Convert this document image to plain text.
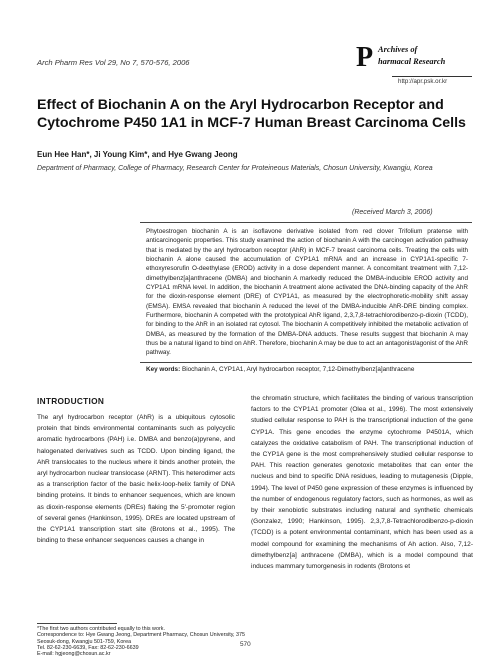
Arch Pharm Res Vol 29, No 7, 570-576, 2006	P Archives of
harmacal Research
http://apr.psk.or.kr
Effect of Biochanin A on the Aryl Hydrocarbon Receptor and Cytochrome P450 1A1 in MCF-7 Human Breast Carcinoma Cells
Eun Hee Han*, Ji Young Kim*, and Hye Gwang Jeong
Department of Pharmacy, College of Pharmacy, Research Center for Proteineous Materials, Chosun University, Kwangju, Korea
(Received March 3, 2006)
Phytoestrogen biochanin A is an isoflavone derivative isolated from red clover Trifolium pratense with anticarcinogenic properties. This study examined the action of biochanin A with the carcinogen activation pathway that is mediated by the aryl hydrocarbon receptor (AhR) in MCF-7 breast carcinoma cells. Treating the cells with biochanin A alone caused the accumulation of CYP1A1 mRNA and an increase in CYP1A1-specific 7-ethoxyresorufin O-deethylase (EROD) activity in a dose dependent manner. A concomitant treatment with 7,12-dimethylbenz[a]anthracene (DMBA) and biochanin A markedly reduced the DMBA-inducible EROD activity and CYP1A1 mRNA level. In addition, the biochanin A treatment alone activated the DNA-binding capacity of the AhR for the dioxin-response element (DRE) of CYP1A1, as measured by the electrophoretic-mobility shift assay (EMSA). EMSA revealed that biochanin A reduced the level of the DMBA-inducible AhR-DRE binding complex. Furthermore, biochanin A competed with the prototypical AhR ligand, 2,3,7,8-tetrachlorodibenzo-p-dioxin (TCDD), for binding to the AhR in an isolated rat cytosol. The biochanin A competitively inhibited the metabolic activation of DMBA, as measured by the formation of the DMBA-DNA adducts. These results suggest that biochanin A may thus be a natural ligand to bind on AhR. Therefore, biochanin A may be due to act an antagonist/agonist of the AhR pathway.
Key words: Biochanin A, CYP1A1, Aryl hydrocarbon receptor, 7,12-Dimethylbenz[a]anthracene
INTRODUCTION
The aryl hydrocarbon receptor (AhR) is a ubiquitous cytosolic protein that binds environmental contaminants such as polycyclic aromatic hydrocarbons (PAH) i.e. DMBA and benzo(a)pyrene, and halogenated derivatives such as TCDD. Upon binding ligand, the AhR translocates to the nucleus where it binds another protein, the aryl hydrocarbon nuclear translocase (ARNT). This heterodimer acts as a transcription factor of the basic helix-loop-helix family of DNA binding proteins. It binds to enhancer sequences, which are known as dioxin-response elements (DREs) flaking the 5'-promoter region of several genes (Hankinson, 1995). DREs are located upstream of the CYP1A1 transcription start site (Brotons et al., 1995). The binding to these enhancer sequences causes a change in
the chromatin structure, which facilitates the binding of various transcription factors to the CYP1A1 promoter (Olea et al., 1996). The most extensively studied cellular response to PAH is the transcriptional induction of the gene CYP1A. This gene encodes the enzyme cytochrome P4501A, which catalyzes the oxidative catabolism of PAH. The transcriptional induction of the CYP1A gene is the most comprehensively studied cellular response to PAH. This reaction generates genotoxic metabolites that can enter the nucleus and bind to specific DNA residues, leading to mutagenesis (Dipple, 1994). The level of P450 gene expression of these enzymes is influenced by the number of endogenous regulatory factors, such as hormones, as well as by their xenobiotic substrates including natural and synthetic chemicals (Gonzalez, 1990; Hankinson, 1995). 2,3,7,8-Tetrachlorodibenzo-p-dioxin (TCDD) is a potent environmental contaminant, which has been used as a model compound for examining the mechanisms of Ah action. Also, 7,12-dimethylbenz[a] anthracene (DMBA), which is a model compound that induces mammary tumorgenesis in rodents (Brotons et
*The first two authors contributed equally to this work.
Correspondence to: Hye Gwang Jeong, Department Pharmacy, Chosun University, 375 Seosuk-dong, Kwangju 501-759, Korea
Tel. 82-62-230-6639, Fax: 82-62-230-6639
E-mail: hgjeong@chosun.ac.kr
570
